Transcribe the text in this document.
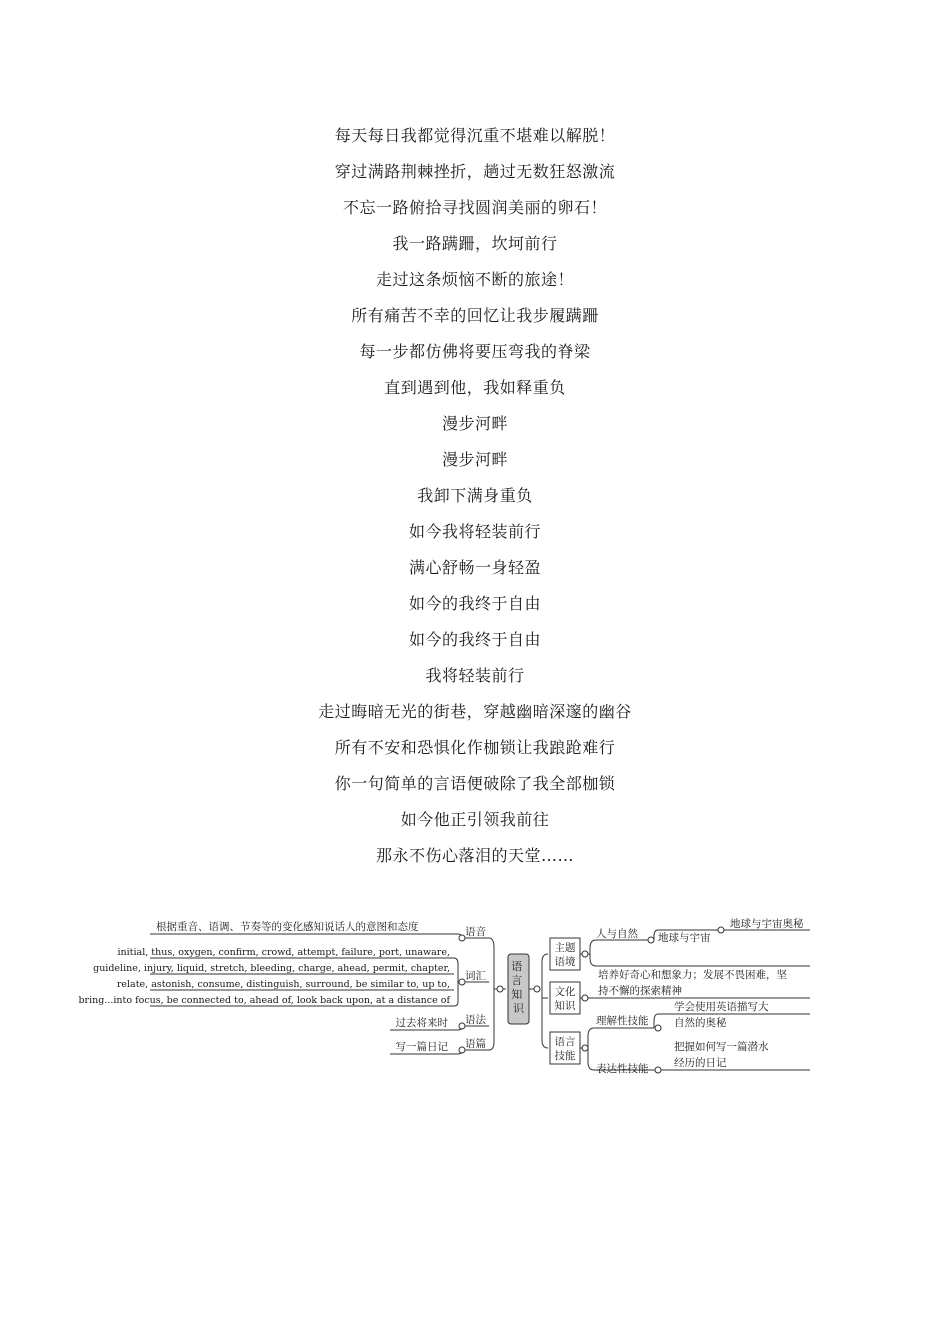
每天每日我都觉得沉重不堪难以解脱！
穿过满路荆棘挫折，趟过无数狂怒激流
不忘一路俯拾寻找圆润美丽的卵石！
我一路蹒跚，坎坷前行
走过这条烦恼不断的旅途！
所有痛苦不幸的回忆让我步履蹒跚
每一步都仿佛将要压弯我的脊梁
直到遇到他，我如释重负
漫步河畔
漫步河畔
我卸下满身重负
如今我将轻装前行
满心舒畅一身轻盈
如今的我终于自由
如今的我终于自由
我将轻装前行
走过晦暗无光的街巷，穿越幽暗深邃的幽谷
所有不安和恐惧化作枷锁让我踉跄难行
你一句简单的言语便破除了我全部枷锁
如今他正引领我前往
那永不伤心落泪的天堂……
语 言 知 识
根据重音、语调、节奏等的变化感知说话人的意图和态度	语音
initial, thus, oxygen, confirm, crowd, attempt, failure, port, unaware,
guideline, injury, liquid, stretch, bleeding, charge, ahead, permit, chapter,
relate, astonish, consume, distinguish, surround, be similar to, up to,
bring...into focus, be connected to, ahead of, look back upon, at a distance of
词汇
过去将来时 语法
写一篇日记 语篇
主题
语境
文化
知识
语言
技能
人与自然 地球与宇宙
地球与宇宙奥秘
培养好奇心和想象力；发展不畏困难，坚
持不懈的探索精神
理解性技能
学会使用英语描写大
自然的奥秘
表达性技能
把握如何写一篇潜水
经历的日记
